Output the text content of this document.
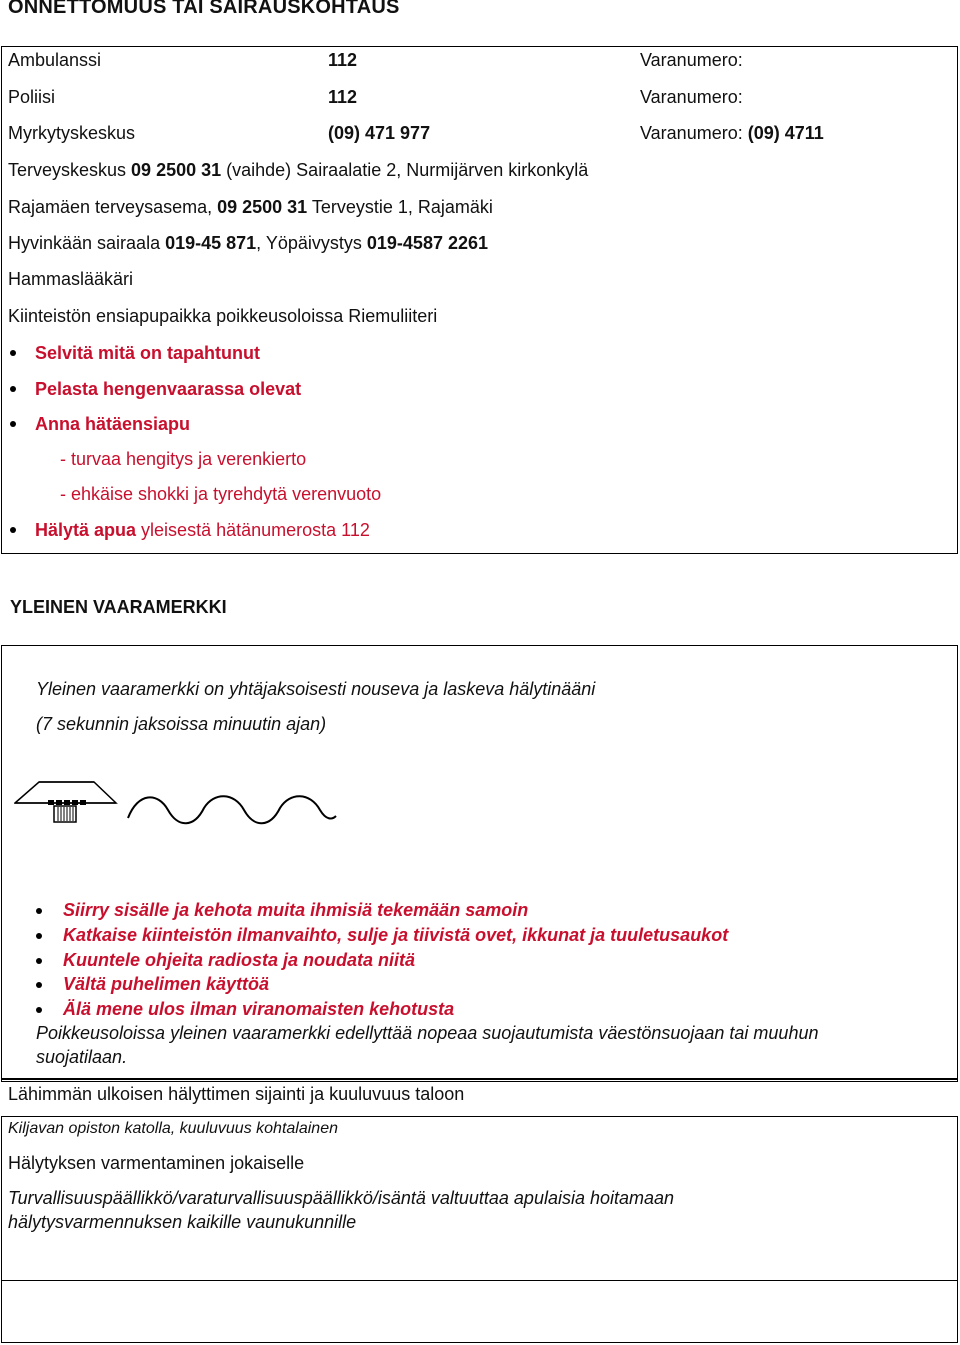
ONNETTOMUUS TAI SAIRAUSKOHTAUS
Ambulanssi	112	Varanumero:
Poliisi	112	Varanumero:
Myrkytyskeskus	(09) 471 977	Varanumero: (09) 4711
Terveyskeskus 09 2500 31 (vaihde) Sairaalatie 2, Nurmijärven kirkonkylä
Rajamäen terveysasema, 09 2500 31 Terveystie 1, Rajamäki
Hyvinkään sairaala 019-45 871, Yöpäivystys 019-4587 2261
Hammaslääkäri
Kiinteistön ensiapupaikka poikkeusoloissa Riemuliiteri
Selvitä mitä on tapahtunut
Pelasta hengenvaarassa olevat
Anna hätäensiapu
- turvaa hengitys ja verenkierto
- ehkäise shokki ja tyrehdytä verenvuoto
Hälytä apua yleisestä hätänumerosta 112
YLEINEN VAARAMERKKI
Yleinen vaaramerkki on yhtäjaksoisesti nouseva ja laskeva hälytinääni
(7 sekunnin jaksoissa minuutin ajan)
Siirry sisälle ja kehota muita ihmisiä tekemään samoin
Katkaise kiinteistön ilmanvaihto, sulje ja tiivistä ovet, ikkunat ja tuuletusaukot
Kuuntele ohjeita radiosta ja noudata niitä
Vältä puhelimen käyttöä
Älä mene ulos ilman viranomaisten kehotusta
Poikkeusoloissa yleinen vaaramerkki edellyttää nopeaa suojautumista väestönsuojaan tai muuhun
suojatilaan.
Lähimmän ulkoisen hälyttimen sijainti ja kuuluvuus taloon
Kiljavan opiston katolla, kuuluvuus kohtalainen
Hälytyksen varmentaminen jokaiselle
Turvallisuuspäällikkö/varaturvallisuuspäällikkö/isäntä valtuuttaa apulaisia hoitamaan
hälytysvarmennuksen kaikille vaunukunnille
